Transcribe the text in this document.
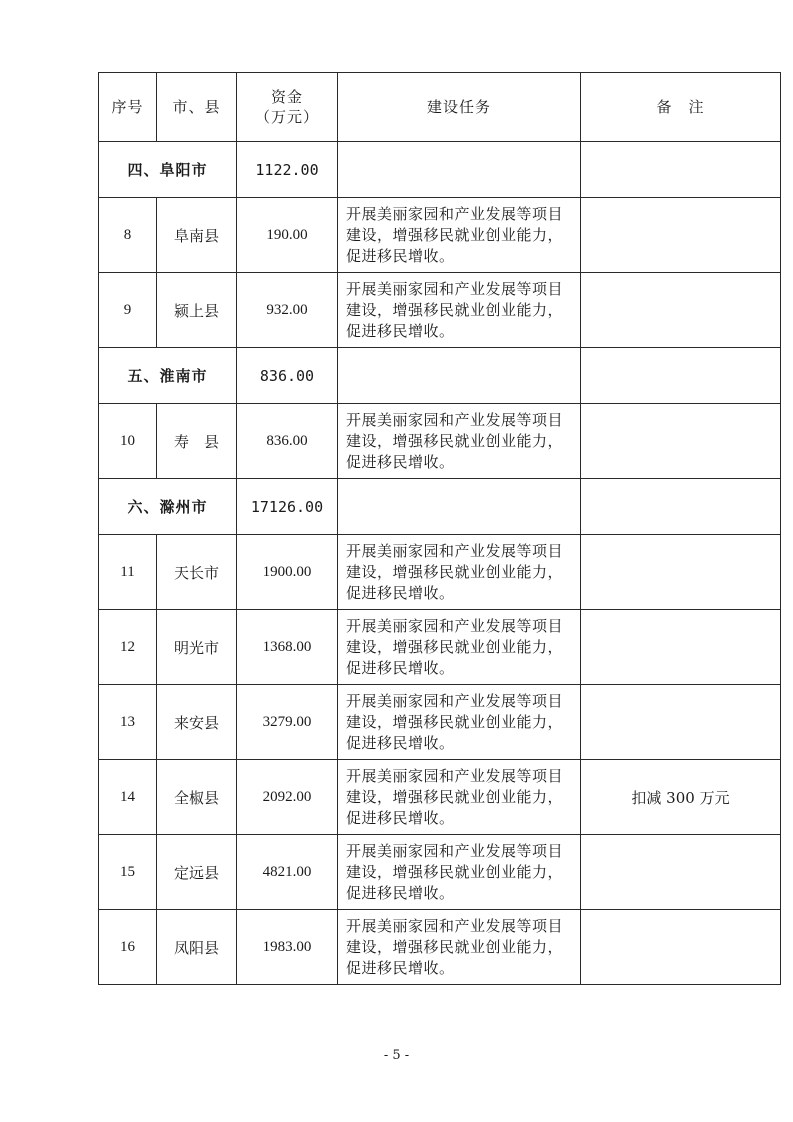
序号	市、县	资金
（万元）	建设任务	备　注
四、阜阳市		1122.00		
8	阜南县	190.00	开展美丽家园和产业发展等项目
建设，增强移民就业创业能力，
促进移民增收。	

9	颍上县	932.00	开展美丽家园和产业发展等项目
建设，增强移民就业创业能力，
促进移民增收。	

五、淮南市		836.00		
10	寿　县	836.00	开展美丽家园和产业发展等项目
建设，增强移民就业创业能力，
促进移民增收。	

六、滁州市		17126.00		
11	天长市	1900.00	开展美丽家园和产业发展等项目
建设，增强移民就业创业能力，
促进移民增收。	

12	明光市	1368.00	开展美丽家园和产业发展等项目
建设，增强移民就业创业能力，
促进移民增收。	

13	来安县	3279.00	开展美丽家园和产业发展等项目
建设，增强移民就业创业能力，
促进移民增收。	

14	全椒县	2092.00	开展美丽家园和产业发展等项目
建设，增强移民就业创业能力，
促进移民增收。	扣减 300 万元
15	定远县	4821.00	开展美丽家园和产业发展等项目
建设，增强移民就业创业能力，
促进移民增收。	

16	凤阳县	1983.00	开展美丽家园和产业发展等项目
建设，增强移民就业创业能力，
促进移民增收。	

- 5 -
